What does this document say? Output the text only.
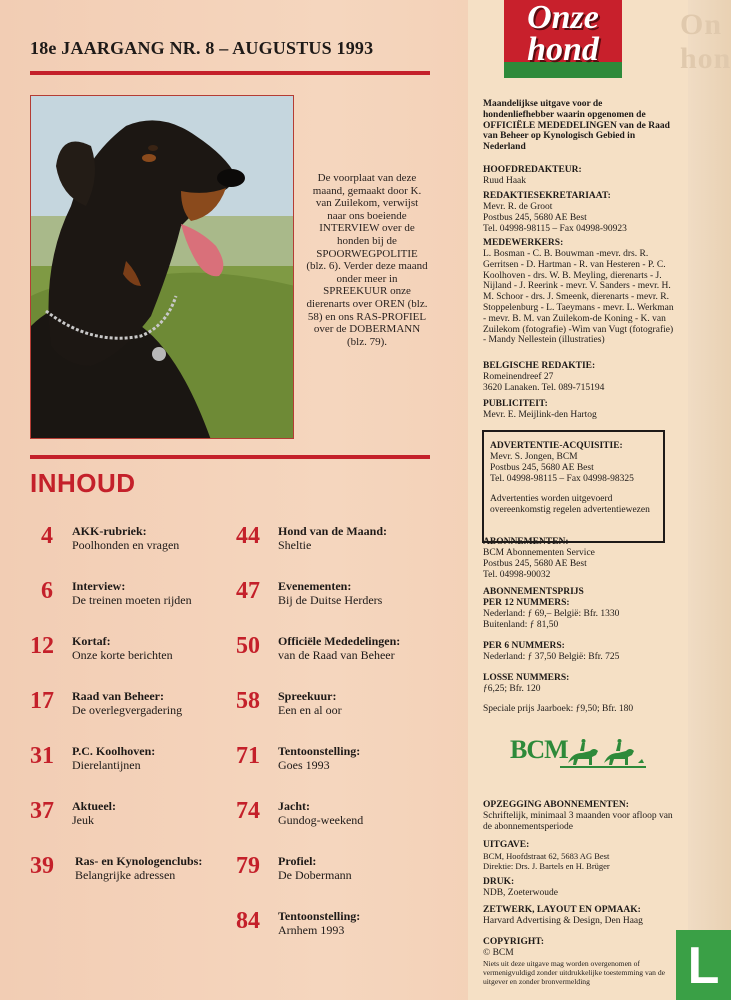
On
hon
18e JAARGANG NR. 8 – AUGUSTUS 1993
De voorplaat van deze maand, gemaakt door K. van Zuilekom, verwijst naar ons boeiende INTERVIEW over de honden bij de SPOORWEGPOLITIE (blz. 6). Verder deze maand onder meer in SPREEKUUR onze dierenarts over OREN (blz. 58) en ons RAS-PROFIEL over de DOBERMANN (blz. 79).
INHOUD
4	AKK-rubriek:
Poolhonden en vragen
6	Interview:
De treinen moeten rijden
12	Kortaf:
Onze korte berichten
17	Raad van Beheer:
De overlegvergadering
31	P.C. Koolhoven:
Dierelantijnen
37	Aktueel:
Jeuk
39	Ras- en Kynologenclubs:
Belangrijke adressen
44	Hond van de Maand:
Sheltie
47	Evenementen:
Bij de Duitse Herders
50	Officiële Mededelingen:
van de Raad van Beheer
58	Spreekuur:
Een en al oor
71	Tentoonstelling:
Goes 1993
74	Jacht:
Gundog-weekend
79	Profiel:
De Dobermann
84	Tentoonstelling:
Arnhem 1993
Onze
hond
Maandelijkse uitgave voor de hondenliefhebber waarin opgenomen de OFFICIËLE MEDEDELINGEN van de Raad van Beheer op Kynologisch Gebied in Nederland
HOOFDREDAKTEUR:
Ruud Haak
REDAKTIESEKRETARIAAT:
Mevr. R. de Groot
Postbus 245, 5680 AE Best
Tel. 04998-98115 – Fax 04998-90923
MEDEWERKERS:
L. Bosman - C. B. Bouwman -mevr. drs. R. Gerritsen - D. Hartman - R. van Hesteren - P. C. Koolhoven - drs. W. B. Meyling, dierenarts - J. Nijland - J. Reerink - mevr. V. Sanders - mevr. H. M. Schoor - drs. J. Smeenk, dierenarts - mevr. R. Stoppelenburg - L. Taeymans - mevr. L. Werkman - mevr. B. M. van Zuilekom-de Koning - K. van Zuilekom (fotografie) -Wim van Vugt (fotografie) - Mandy Nellestein (illustraties)
BELGISCHE REDAKTIE:
Romeinendreef 27
3620 Lanaken. Tel. 089-715194
PUBLICITEIT:
Mevr. E. Meijlink-den Hartog
ADVERTENTIE-ACQUISITIE:
Mevr. S. Jongen, BCM
Postbus 245, 5680 AE Best
Tel. 04998-98115 – Fax 04998-98325
Advertenties worden uitgevoerd overeenkomstig regelen advertentiewezen
ABONNEMENTEN:
BCM Abonnementen Service
Postbus 245, 5680 AE Best
Tel. 04998-90032
ABONNEMENTSPRIJS
PER 12 NUMMERS:
Nederland: ƒ 69,– België: Bfr. 1330
Buitenland: ƒ 81,50
PER 6 NUMMERS:
Nederland: ƒ 37,50 België: Bfr. 725
LOSSE NUMMERS:
ƒ6,25; Bfr. 120
Speciale prijs Jaarboek: ƒ9,50; Bfr. 180
BCM
OPZEGGING ABONNEMENTEN:
Schriftelijk, minimaal 3 maanden voor afloop van de abonnementsperiode
UITGAVE:
BCM, Hoofdstraat 62, 5683 AG Best
Direktie: Drs. J. Bartels en H. Brüger
DRUK:
NDB, Zoeterwoude
ZETWERK, LAYOUT EN OPMAAK:
Harvard Advertising & Design, Den Haag
COPYRIGHT:
© BCM
Niets uit deze uitgave mag worden overgenomen of vermenigvuldigd zonder uitdrukkelijke toestemming van de uitgever en zonder bronvermelding	L
